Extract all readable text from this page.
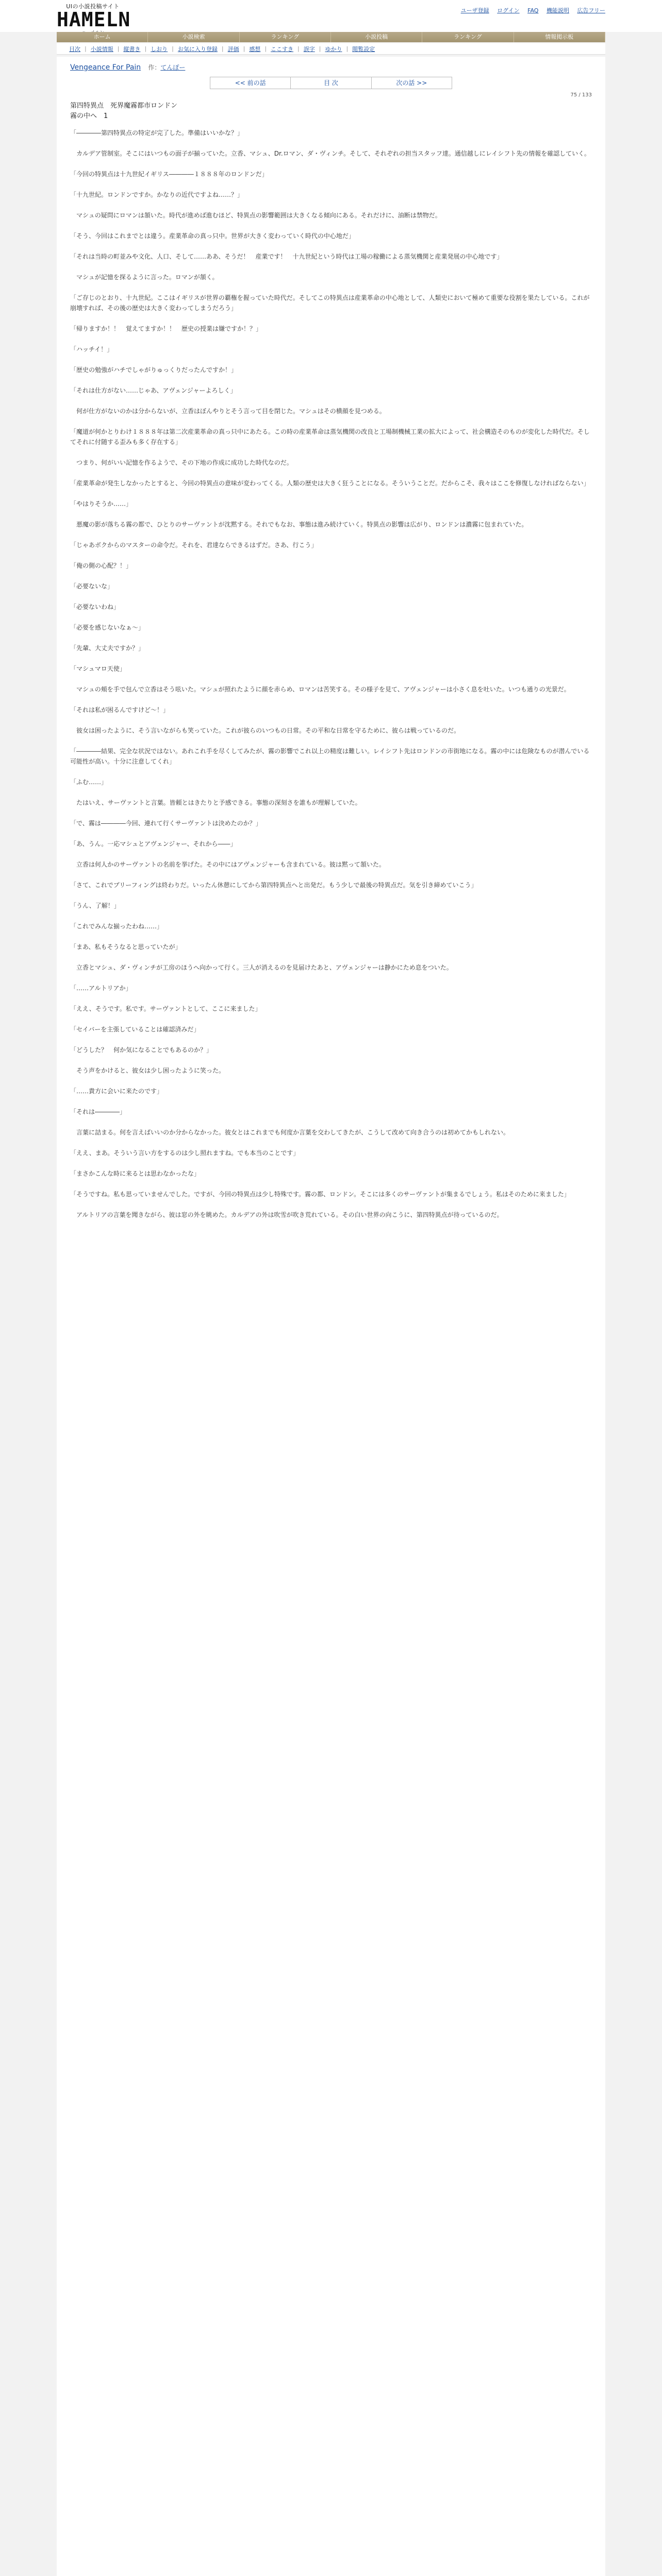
UIの小説投稿サイト
HAMELN	ユーザ登録 ログイン FAQ 機能説明 広告フリー
ホーム	小説検索	ランキング	小説投稿	ランキング	情報掲示板
目次 | 小説情報 | 縦書き | しおり | お気に入り登録 | 評価 | 感想 | ここすき | 誤字 | ゆかり | 閲覧設定
Vengeance For Pain 作：てんぽー
<< 前の話	目 次	次の話 >>
75 / 133
第四特異点　死界魔霧都市ロンドン
霧の中へ　1

「――――第四特異点の特定が完了した。準備はいいかな？」

　カルデア管制室。そこにはいつもの面子が揃っていた。立香、マシュ、Dr.ロマン、ダ・ヴィンチ。そして、それぞれの担当スタッフ達。通信越しにレイシフト先の情報を確認していく。

「今回の特異点は十九世紀イギリス――――１８８８年のロンドンだ」

「十九世紀。ロンドンですか。かなりの近代ですよね……？」

　マシュの疑問にロマンは頷いた。時代が進めば進むほど、特異点の影響範囲は大きくなる傾向にある。それだけに、油断は禁物だ。

「そう、今回はこれまでとは違う。産業革命の真っ只中。世界が大きく変わっていく時代の中心地だ」

「それは当時の町並みや文化、人口、そして……ああ、そうだ！　産業です！　十九世紀という時代は工場の稼働による蒸気機関と産業発展の中心地です」

　マシュが記憶を探るように言った。ロマンが頷く。

「ご存じのとおり、十九世紀。ここはイギリスが世界の覇権を握っていた時代だ。そしてこの特異点は産業革命の中心地として、人類史において極めて重要な役割を果たしている。これが崩壊すれば、その後の歴史は大きく変わってしまうだろう」

「帰りますか！！　覚えてますか！！　歴史の授業は嫌ですか！？」

「ハッチイ！」

「歴史の勉強がハチでしゃがりゅっくりだったんですか！」

「それは仕方がない……じゃあ、アヴェンジャーよろしく」

　何が仕方がないのかは分からないが、立香はぼんやりとそう言って目を閉じた。マシュはその横顔を見つめる。

「魔道が何かとりわけ１８８８年は第二次産業革命の真っ只中にあたる。この時の産業革命は蒸気機関の改良と工場制機械工業の拡大によって、社会構造そのものが変化した時代だ。そしてそれに付随する歪みも多く存在する」

　つまり、何がいい記憶を作るようで、その下地の作成に成功した時代なのだ。

「産業革命が発生しなかったとすると、今回の特異点の意味が変わってくる。人類の歴史は大きく狂うことになる。そういうことだ。だからこそ、我々はここを修復しなければならない」

「やはりそうか……」

　悪魔の影が落ちる霧の都で、ひとりのサーヴァントが沈黙する。それでもなお、事態は進み続けていく。特異点の影響は広がり、ロンドンは濃霧に包まれていた。

「じゃあボクからのマスターの命令だ。それを、君達ならできるはずだ。さあ、行こう」

「俺の側の心配？！」

「必要ないな」

「必要ないわね」

「必要を感じないなぁ～」

「先輩、大丈夫ですか？」

「マシュマロ天使」

　マシュの頬を手で包んで立香はそう呟いた。マシュが照れたように顔を赤らめ、ロマンは苦笑する。その様子を見て、アヴェンジャーは小さく息を吐いた。いつも通りの光景だ。

「それは私が困るんですけど～！」

　彼女は困ったように、そう言いながらも笑っていた。これが彼らのいつもの日常。その平和な日常を守るために、彼らは戦っているのだ。

「――――結果、完全な状況ではない。あれこれ手を尽くしてみたが、霧の影響でこれ以上の精度は難しい。レイシフト先はロンドンの市街地になる。霧の中には危険なものが潜んでいる可能性が高い。十分に注意してくれ」

「ふむ……」

　たはいえ、サーヴァントと言葉。皆頼とはきたりと予感できる。事態の深刻さを誰もが理解していた。

「で、霧は――――今回、連れて行くサーヴァントは決めたのか？」

「あ、うん。一応マシュとアヴェンジャー、それから――」

　立香は何人かのサーヴァントの名前を挙げた。その中にはアヴェンジャーも含まれている。彼は黙って頷いた。

「さて、これでブリーフィングは終わりだ。いったん休憩にしてから第四特異点へと出発だ。もう少しで最後の特異点だ。気を引き締めていこう」

「うん、了解！」

「これでみんな揃ったわね……」

「まあ、私もそうなると思っていたが」

　立香とマシュ、ダ・ヴィンチが工房のほうへ向かって行く。三人が消えるのを見届けたあと、アヴェンジャーは静かにため息をついた。

「……アルトリアか」

「ええ、そうです。私です。サーヴァントとして、ここに来ました」

「セイバーを主張していることは確認済みだ」

「どうした？　何か気になることでもあるのか？」

　そう声をかけると、彼女は少し困ったように笑った。

「……貴方に会いに来たのです」

「それは――――」

　言葉に詰まる。何を言えばいいのか分からなかった。彼女とはこれまでも何度か言葉を交わしてきたが、こうして改めて向き合うのは初めてかもしれない。

「ええ、まあ。そういう言い方をするのは少し照れますね。でも本当のことです」

「まさかこんな時に来るとは思わなかったな」

「そうですね。私も思っていませんでした。ですが、今回の特異点は少し特殊です。霧の都、ロンドン。そこには多くのサーヴァントが集まるでしょう。私はそのために来ました」

　アルトリアの言葉を聞きながら、彼は窓の外を眺めた。カルデアの外は吹雪が吹き荒れている。その白い世界の向こうに、第四特異点が待っているのだ。
